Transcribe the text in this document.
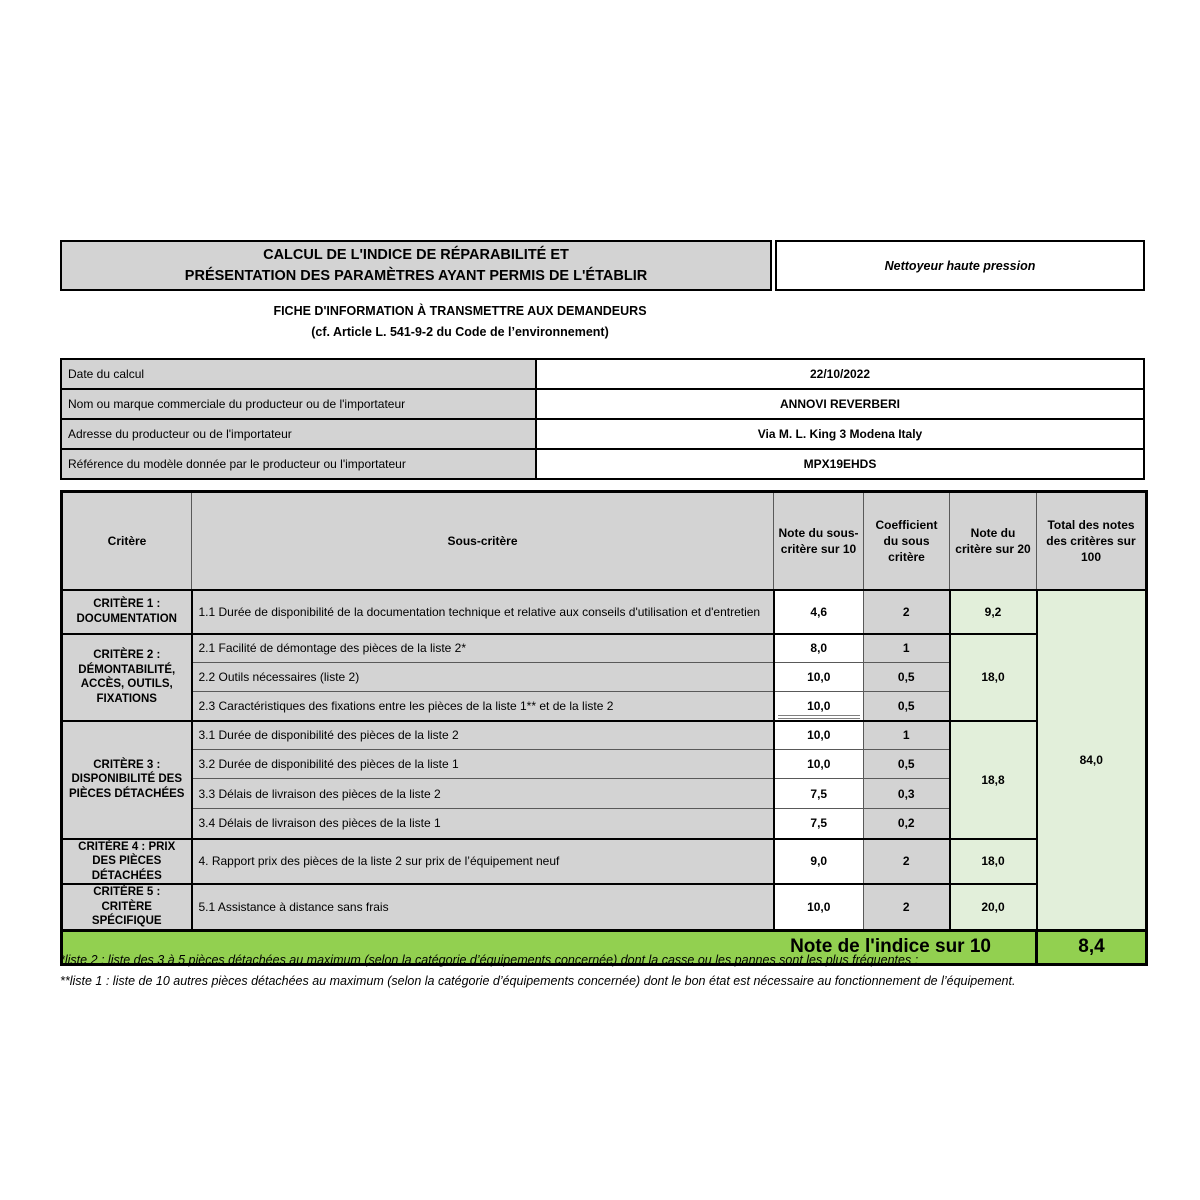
CALCUL DE L'INDICE DE RÉPARABILITÉ ET
PRÉSENTATION DES PARAMÈTRES AYANT PERMIS DE L'ÉTABLIR
Nettoyeur haute pression
FICHE D'INFORMATION À TRANSMETTRE AUX DEMANDEURS
(cf. Article L. 541-9-2 du Code de l’environnement)
Date du calcul	22/10/2022
Nom ou marque commerciale du producteur ou de l'importateur	ANNOVI REVERBERI
Adresse du producteur ou de l'importateur	Via M. L. King 3 Modena Italy
Référence du modèle donnée par le producteur ou l'importateur	MPX19EHDS
Critère	Sous-critère	Note du sous-critère sur 10	Coefficient du sous critère	Note du critère sur 20	Total des notes des critères sur 100
CRITÈRE 1 : DOCUMENTATION	1.1 Durée de disponibilité de la documentation technique et relative aux conseils d'utilisation et d'entretien	4,6	2	9,2	84,0
CRITÈRE 2 : DÉMONTABILITÉ, ACCÈS, OUTILS, FIXATIONS	2.1 Facilité de démontage des pièces de la liste 2*	8,0	1	18,0	
	2.2 Outils nécessaires (liste 2)	10,0	0,5		
	2.3 Caractéristiques des fixations entre les pièces de la liste 1** et de la liste 2	10,0	0,5		
CRITÈRE 3 : DISPONIBILITÉ DES PIÈCES DÉTACHÉES	3.1 Durée de disponibilité des pièces de la liste 2	10,0	1	18,8	
	3.2 Durée de disponibilité des pièces de la liste 1	10,0	0,5		
	3.3 Délais de livraison des pièces de la liste 2	7,5	0,3		
	3.4 Délais de livraison des pièces de la liste 1	7,5	0,2		
CRITÈRE 4 : PRIX DES PIÈCES DÉTACHÉES	4. Rapport prix des pièces de la liste 2 sur prix de l’équipement neuf	9,0	2	18,0	
CRITÈRE 5 : CRITÈRE SPÉCIFIQUE	5.1 Assistance à distance sans frais	10,0	2	20,0	
Note de l'indice sur 10					8,4
*liste 2 : liste des 3 à 5 pièces détachées au maximum (selon la catégorie d’équipements concernée) dont la casse ou les pannes sont les plus fréquentes ;
**liste 1 : liste de 10 autres pièces détachées au maximum (selon la catégorie d’équipements concernée) dont le bon état est nécessaire au fonctionnement de l’équipement.
